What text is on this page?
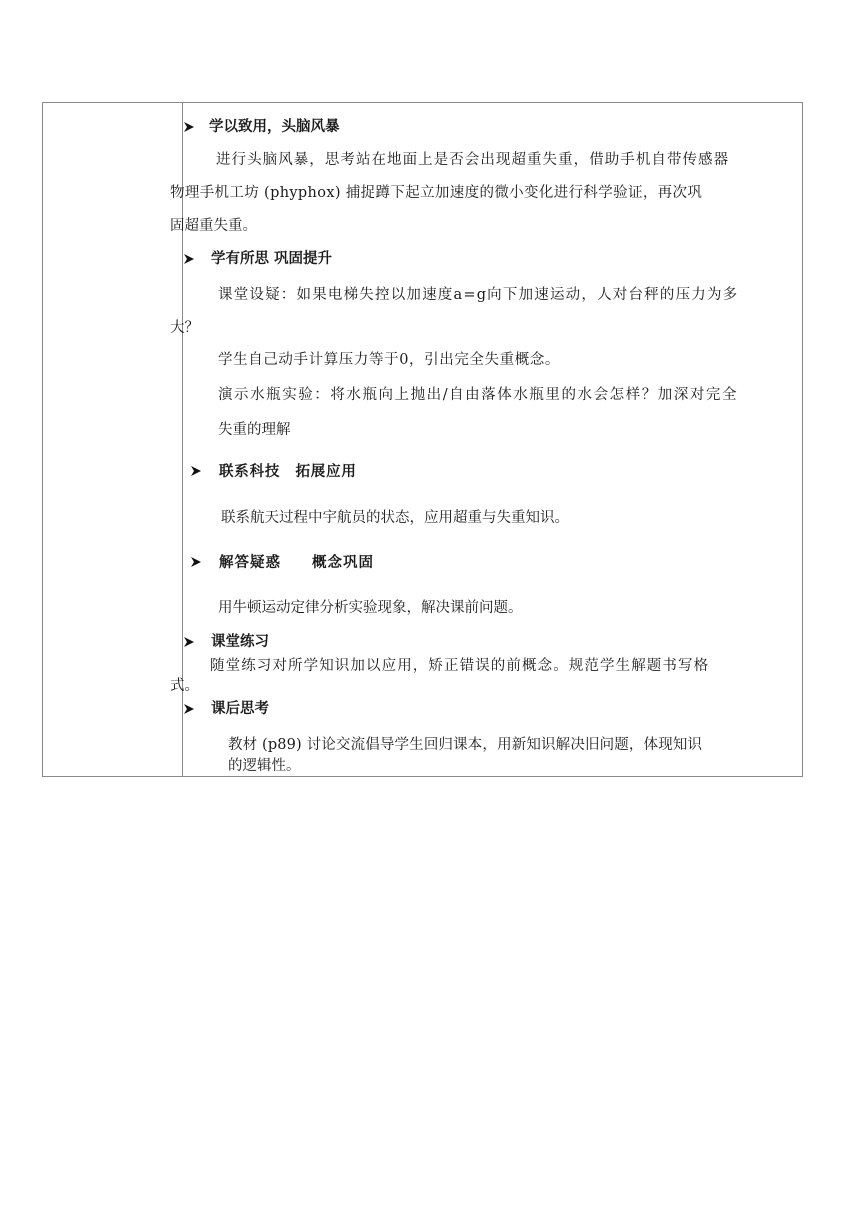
学以致用，头脑风暴
进行头脑风暴，思考站在地面上是否会出现超重失重，借助手机自带传感器
物理手机工坊 (phyphox) 捕捉蹲下起立加速度的微小变化进行科学验证，再次巩
固超重失重。
学有所思 巩固提升
课堂设疑：如果电梯失控以加速度a=g向下加速运动，人对台秤的压力为多
大？
学生自己动手计算压力等于0，引出完全失重概念。
演示水瓶实验：将水瓶向上抛出/自由落体水瓶里的水会怎样？加深对完全
失重的理解
联系科技　拓展应用
联系航天过程中宇航员的状态，应用超重与失重知识。
解答疑惑　　概念巩固
用牛顿运动定律分析实验现象，解决课前问题。
课堂练习
随堂练习对所学知识加以应用，矫正错误的前概念。规范学生解题书写格
式。
课后思考
教材 (p89) 讨论交流倡导学生回归课本，用新知识解决旧问题，体现知识
的逻辑性。
